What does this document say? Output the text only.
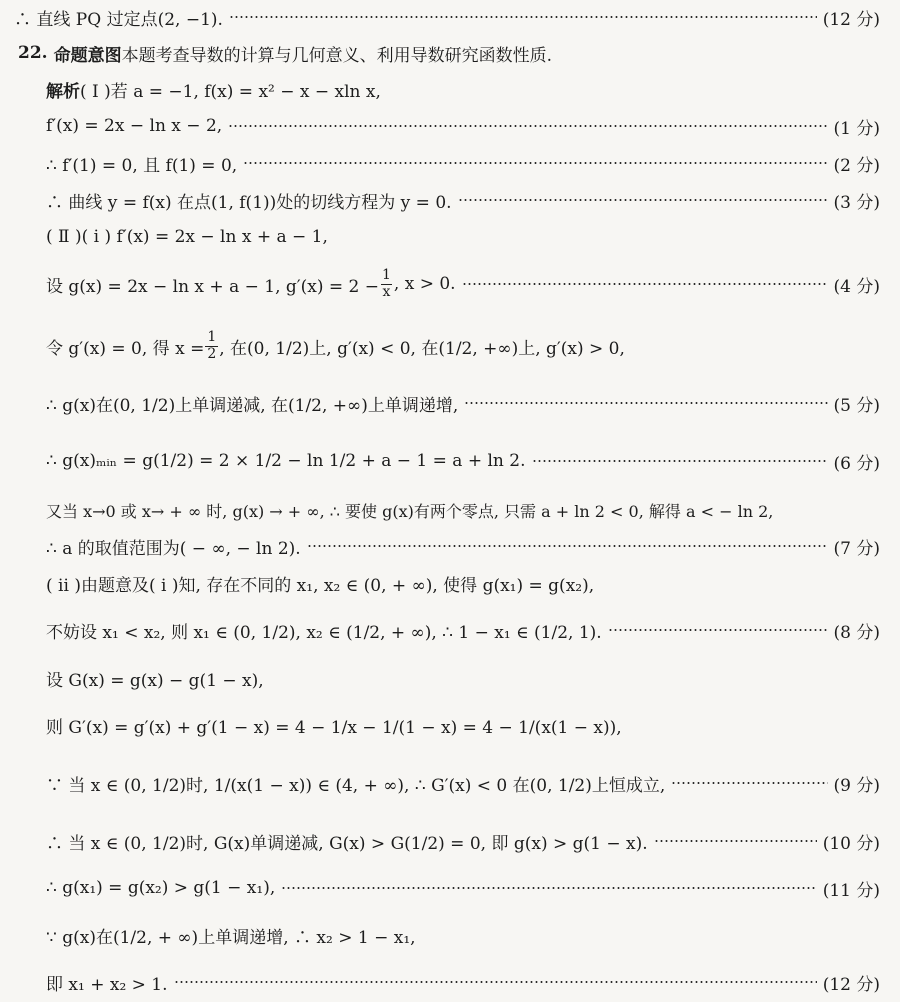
∴ 直线 PQ 过定点(2, −1).	(12 分)
22. 命题意图 本题考查导数的计算与几何意义、利用导数研究函数性质.
解析 ( Ⅰ )若 a = −1, f(x) = x² − x − xln x,
f′(x) = 2x − ln x − 2,	(1 分)
∴ f′(1) = 0, 且 f(1) = 0,	(2 分)
∴ 曲线 y = f(x) 在点(1, f(1))处的切线方程为 y = 0.	(3 分)
( Ⅱ )( i ) f′(x) = 2x − ln x + a − 1,
设 g(x) = 2x − ln x + a − 1, $g'(x) = 2 - \frac{1}{x}$ , x > 0.	(4 分)
令 g′(x) = 0, 得 $x = \frac{1}{2}$ , 在(0, 1/2)上, g′(x) < 0, 在(1/2, +∞)上, g′(x) > 0,
∴ g(x)在(0, 1/2)上单调递减, 在(1/2, +∞)上单调递增,	(5 分)
∴ g(x)ₘᵢₙ = g(1/2) = 2 × 1/2 − ln 1/2 + a − 1 = a + ln 2.	(6 分)
又当 x→0 或 x→ + ∞ 时, g(x) → + ∞, ∴ 要使 g(x)有两个零点, 只需 a + ln 2 < 0, 解得 a < − ln 2,
∴ a 的取值范围为( − ∞, − ln 2).	(7 分)
( ii )由题意及( i )知, 存在不同的 x₁, x₂ ∈ (0, + ∞), 使得 g(x₁) = g(x₂),
不妨设 x₁ < x₂, 则 x₁ ∈ (0, 1/2), x₂ ∈ (1/2, + ∞), ∴ 1 − x₁ ∈ (1/2, 1).	(8 分)
设 G(x) = g(x) − g(1 − x),
则 G′(x) = g′(x) + g′(1 − x) = 4 − 1/x − 1/(1 − x) = 4 − 1/(x(1 − x)),
∵ 当 x ∈ (0, 1/2)时, 1/(x(1 − x)) ∈ (4, + ∞), ∴ G′(x) < 0 在(0, 1/2)上恒成立,	(9 分)
∴ 当 x ∈ (0, 1/2)时, G(x)单调递减, G(x) > G(1/2) = 0, 即 g(x) > g(1 − x).	(10 分)
∴ g(x₁) = g(x₂) > g(1 − x₁),	(11 分)
∵ g(x)在(1/2, + ∞)上单调递增, ∴ x₂ > 1 − x₁,
即 x₁ + x₂ > 1.	(12 分)
